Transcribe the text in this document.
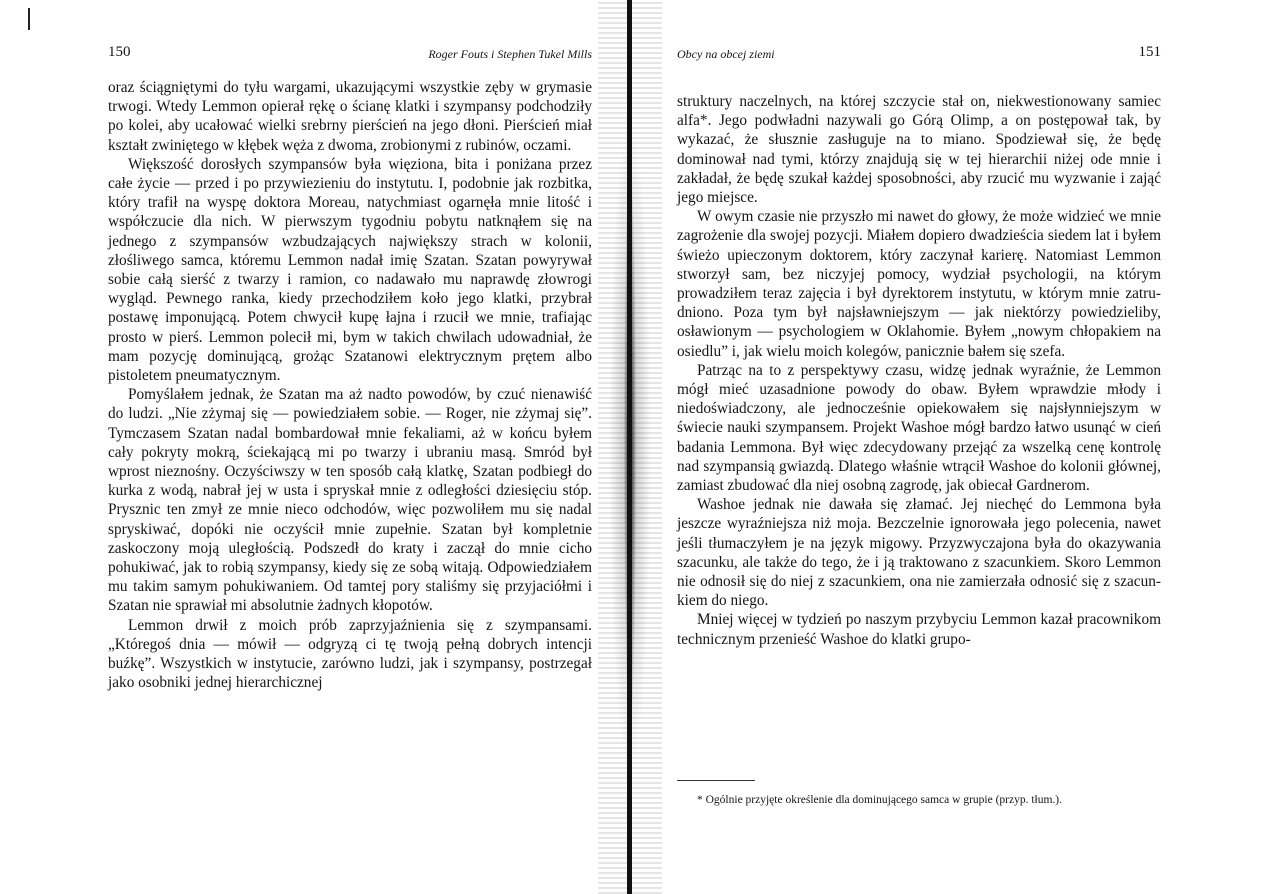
150	Roger Fouts i Stephen Tukel Mills

oraz ściągniętymi do tyłu wargami, ukazującymi wszystkie zęby w grymasie trwogi. Wtedy Lemmon opierał rękę o ścianę klatki i szympansy podchodziły po kolei, aby ucałować wielki srebrny pierścień na jego dłoni. Pierścień miał kształt zwiniętego w kłębek węża z dwoma, zrobionymi z rubinów, oczami.

Większość dorosłych szympansów była więziona, bita i poniżana przez całe życie — przed i po przywiezieniu do instytutu. I, podobnie jak rozbitka, który trafił na wyspę doktora Moreau, natychmiast ogarnęła mnie litość i współczucie dla nich. W pierwszym tygodniu pobytu natknąłem się na jednego z szympansów wzbudzających największy strach w kolonii, złośliwego samca, któremu Lemmon nadał imię Szatan. Szatan powyrywał sobie całą sierść z twarzy i ramion, co nadawało mu naprawdę złowrogi wygląd. Pewnego ranka, kiedy przechodziłem koło jego klatki, przybrał postawę imponującą. Potem chwycił kupę łajna i rzucił we mnie, trafiając prosto w pierś. Lemmon polecił mi, bym w takich chwilach udowadniał, że mam pozycję dominującą, grożąc Szatanowi elektrycznym prętem albo pistoletem pneumatycznym.

Pomyślałem jednak, że Szatan ma aż nadto powodów, by czuć nienawiść do ludzi. „Nie zżymaj się — powiedziałem sobie. — Roger, nie zżymaj się”. Tymczasem Szatan nadal bombardował mnie fekaliami, aż w końcu byłem cały pokryty mokrą, ściekającą mi po twarzy i ubraniu masą. Smród był wprost nieznośny. Oczyściwszy w ten sposób całą klatkę, Szatan podbiegł do kurka z wodą, nabrał jej w usta i spryskał mnie z odległości dziesięciu stóp. Prysznic ten zmył ze mnie nieco odchodów, więc pozwoliłem mu się nadal spryskiwać, dopóki nie oczyścił mnie zupełnie. Szatan był kompletnie zaskoczony moją uległością. Podszedł do kraty i zaczął do mnie cicho pohukiwać, jak to robią szympansy, kiedy się ze sobą witają. Odpowiedziałem mu takim samym pohukiwaniem. Od tamtej pory staliśmy się przyjaciółmi i Szatan nie sprawiał mi absolutnie żadnych kłopotów.

Lemmon drwił z moich prób zaprzyjaźnienia się z szympansami. „Któregoś dnia — mówił — odgryzą ci tę twoją pełną dobrych intencji buźkę”. Wszystkich w instytucie, zarówno ludzi, jak i szympansy, postrzegał jako osobniki jednej hierarchicznej

Obcy na obcej ziemi	151

struktury naczelnych, na której szczycie stał on, niekwestionowany samiec alfa*. Jego podwładni nazywali go Górą Olimp, a on postępował tak, by wykazać, że słusznie zasługuje na to miano. Spodziewał się, że będę dominował nad tymi, którzy znajdują się w tej hierarchii niżej ode mnie i zakładał, że będę szukał każdej sposobności, aby rzucić mu wyzwanie i zająć jego miejsce.

W owym czasie nie przyszło mi nawet do głowy, że może widzieć we mnie zagrożenie dla swojej pozycji. Miałem dopiero dwadzieścia siedem lat i byłem świeżo upieczonym doktorem, który zaczynał karierę. Natomiast Lemmon stworzył sam, bez niczyjej pomocy, wydział psychologii, na którym prowadziłem teraz zajęcia i był dyrektorem instytutu, w którym mnie zatrudniono. Poza tym był najsławniejszym — jak niektórzy powiedzieliby, osławionym — psychologiem w Oklahomie. Byłem „nowym chłopakiem na osiedlu” i, jak wielu moich kolegów, panicznie bałem się szefa.

Patrząc na to z perspektywy czasu, widzę jednak wyraźnie, że Lemmon mógł mieć uzasadnione powody do obaw. Byłem wprawdzie młody i niedoświadczony, ale jednocześnie opiekowałem się najsłynniejszym w świecie nauki szympansem. Projekt Washoe mógł bardzo łatwo usunąć w cień badania Lemmona. Był więc zdecydowany przejąć za wszelką cenę kontrolę nad szympansią gwiazdą. Dlatego właśnie wtrącił Washoe do kolonii głównej, zamiast zbudować dla niej osobną zagrodę, jak obiecał Gardnerom.

Washoe jednak nie dawała się złamać. Jej niechęć do Lemmona była jeszcze wyraźniejsza niż moja. Bezczelnie ignorowała jego polecenia, nawet jeśli tłumaczyłem je na język migowy. Przyzwyczajona była do okazywania szacunku, ale także do tego, że i ją traktowano z szacunkiem. Skoro Lemmon nie odnosił się do niej z szacunkiem, ona nie zamierzała odnosić się z szacunkiem do niego.

Mniej więcej w tydzień po naszym przybyciu Lemmon kazał pracownikom technicznym przenieść Washoe do klatki grupo-

* Ogólnie przyjęte określenie dla dominującego samca w grupie (przyp. tłum.).
